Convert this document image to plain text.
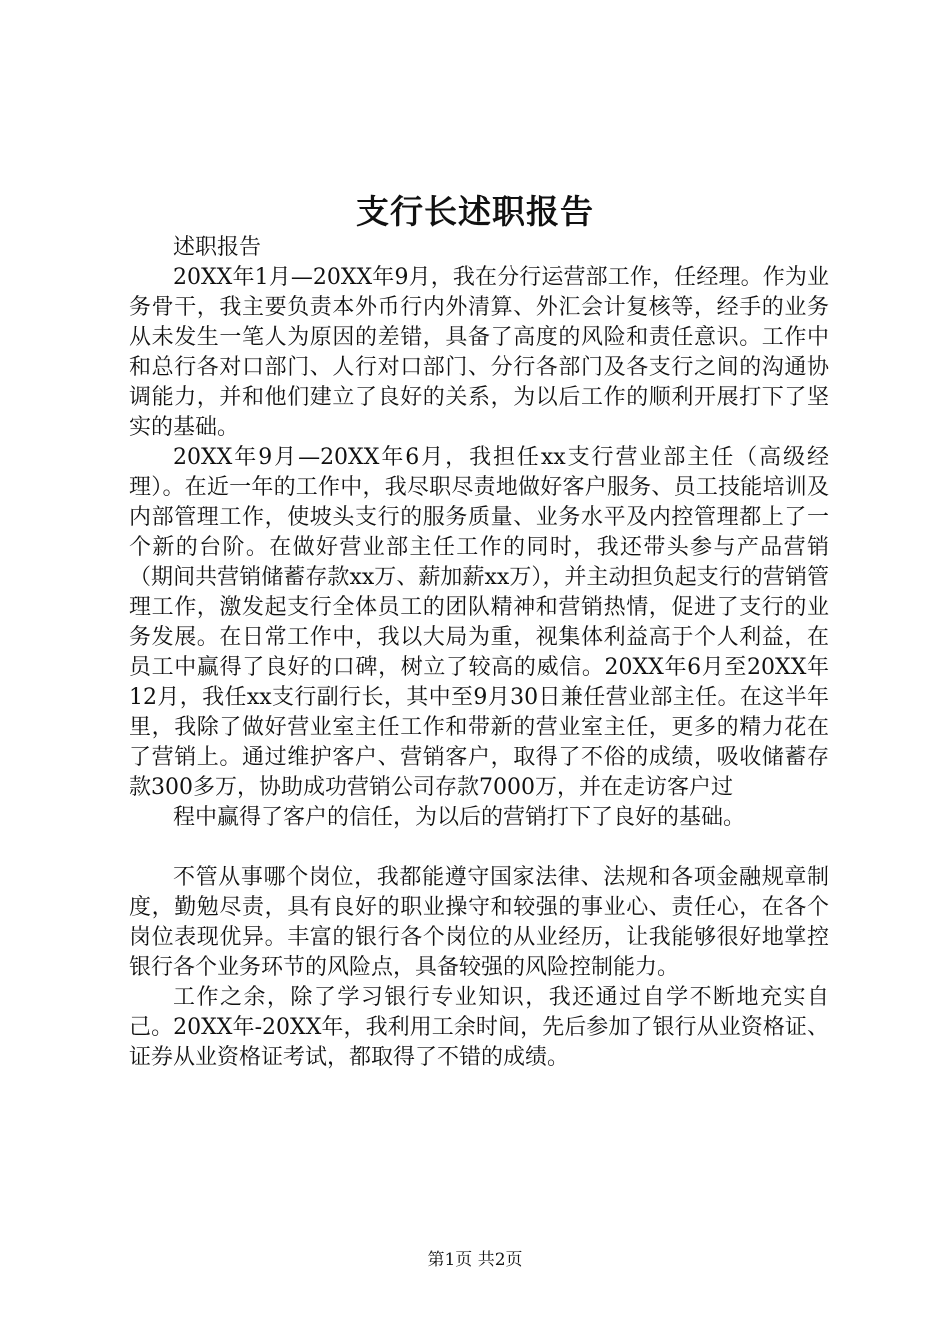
支行长述职报告

述职报告

20XX年1月—20XX年9月，我在分行运营部工作，任经理。作为业务骨干，我主要负责本外币行内外清算、外汇会计复核等，经手的业务从未发生一笔人为原因的差错，具备了高度的风险和责任意识。工作中和总行各对口部门、人行对口部门、分行各部门及各支行之间的沟通协调能力，并和他们建立了良好的关系，为以后工作的顺利开展打下了坚实的基础。

20XX年9月—20XX年6月，我担任xx支行营业部主任（高级经理）。在近一年的工作中，我尽职尽责地做好客户服务、员工技能培训及内部管理工作，使坡头支行的服务质量、业务水平及内控管理都上了一个新的台阶。在做好营业部主任工作的同时，我还带头参与产品营销（期间共营销储蓄存款xx万、薪加薪xx万），并主动担负起支行的营销管理工作，激发起支行全体员工的团队精神和营销热情，促进了支行的业务发展。在日常工作中，我以大局为重，视集体利益高于个人利益，在员工中赢得了良好的口碑，树立了较高的威信。20XX年6月至20XX年12月，我任xx支行副行长，其中至9月30日兼任营业部主任。在这半年里，我除了做好营业室主任工作和带新的营业室主任，更多的精力花在了营销上。通过维护客户、营销客户，取得了不俗的成绩，吸收储蓄存款300多万，协助成功营销公司存款7000万，并在走访客户过

程中赢得了客户的信任，为以后的营销打下了良好的基础。

不管从事哪个岗位，我都能遵守国家法律、法规和各项金融规章制度，勤勉尽责，具有良好的职业操守和较强的事业心、责任心，在各个岗位表现优异。丰富的银行各个岗位的从业经历，让我能够很好地掌控银行各个业务环节的风险点，具备较强的风险控制能力。

工作之余，除了学习银行专业知识，我还通过自学不断地充实自己。20XX年-20XX年，我利用工余时间，先后参加了银行从业资格证、证券从业资格证考试，都取得了不错的成绩。

第1页 共2页
